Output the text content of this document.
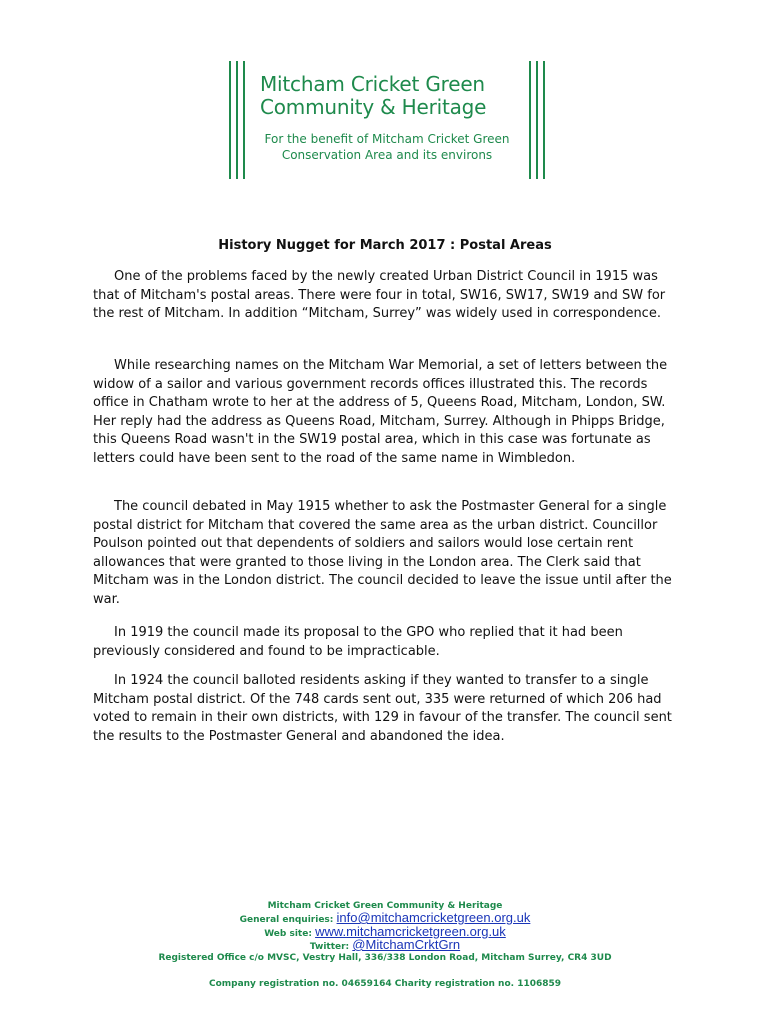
Mitcham Cricket Green
Community & Heritage
For the benefit of Mitcham Cricket Green
Conservation Area and its environs
History Nugget for March 2017 : Postal Areas

One of the problems faced by the newly created Urban District Council in 1915 was that of Mitcham's postal areas. There were four in total, SW16, SW17, SW19 and SW for the rest of Mitcham. In addition “Mitcham, Surrey” was widely used in correspondence.

While researching names on the Mitcham War Memorial, a set of letters between the widow of a sailor and various government records offices illustrated this. The records office in Chatham wrote to her at the address of 5, Queens Road, Mitcham, London, SW. Her reply had the address as Queens Road, Mitcham, Surrey. Although in Phipps Bridge, this Queens Road wasn't in the SW19 postal area, which in this case was fortunate as letters could have been sent to the road of the same name in Wimbledon.

The council debated in May 1915 whether to ask the Postmaster General for a single postal district for Mitcham that covered the same area as the urban district. Councillor Poulson pointed out that dependents of soldiers and sailors would lose certain rent allowances that were granted to those living in the London area. The Clerk said that Mitcham was in the London district. The council decided to leave the issue until after the war.

In 1919 the council made its proposal to the GPO who replied that it had been previously considered and found to be impracticable.

In 1924 the council balloted residents asking if they wanted to transfer to a single Mitcham postal district. Of the 748 cards sent out, 335 were returned of which 206 had voted to remain in their own districts, with 129 in favour of the transfer. The council sent the results to the Postmaster General and abandoned the idea.

Mitcham Cricket Green Community & Heritage
General enquiries: info@mitchamcricketgreen.org.uk
Web site: www.mitchamcricketgreen.org.uk
Twitter: @MitchamCrktGrn
Registered Office c/o MVSC, Vestry Hall, 336/338 London Road, Mitcham Surrey, CR4 3UD
Company registration no. 04659164 Charity registration no. 1106859
